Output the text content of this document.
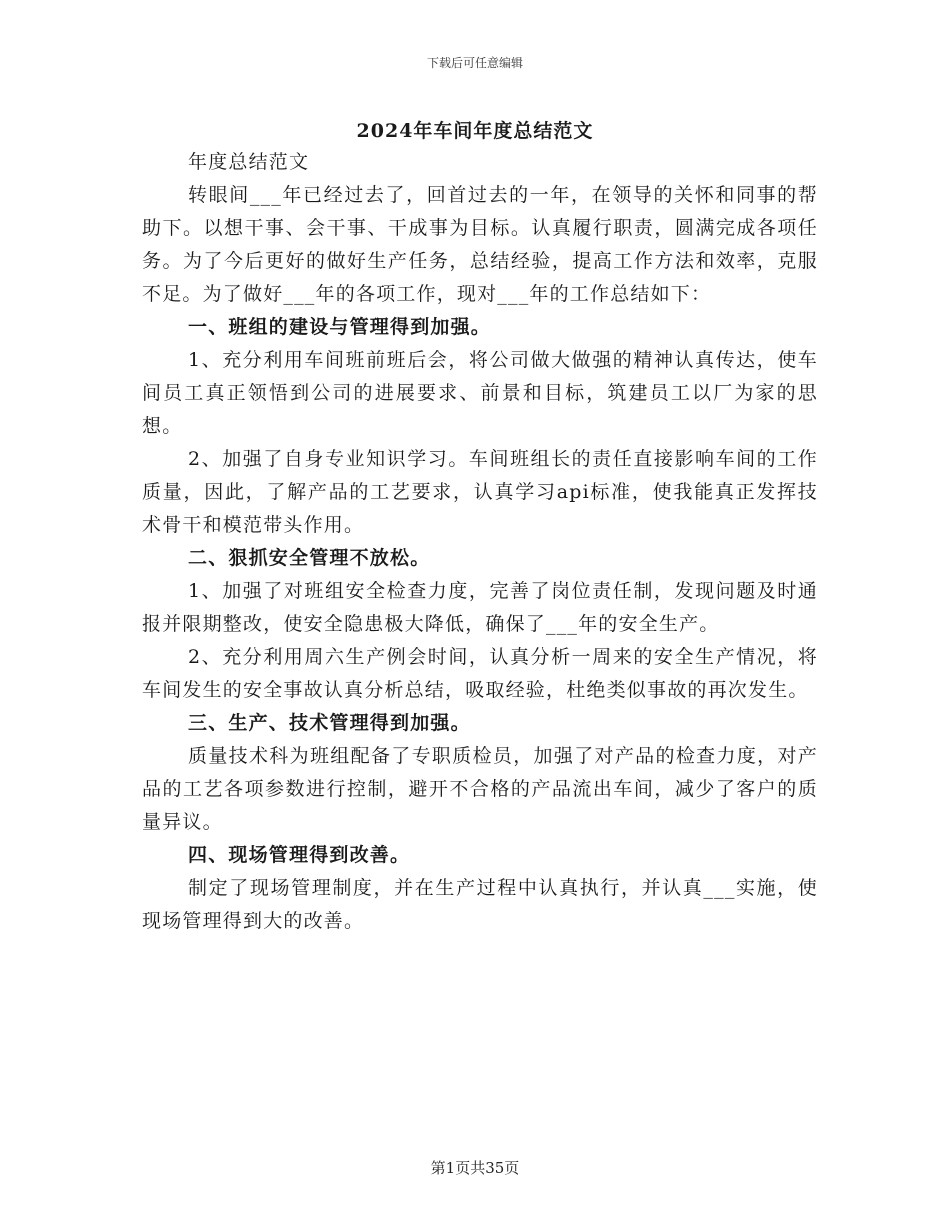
下载后可任意编辑
2024年车间年度总结范文

年度总结范文

转眼间___年已经过去了，回首过去的一年，在领导的关怀和同事的帮助下。以想干事、会干事、干成事为目标。认真履行职责，圆满完成各项任务。为了今后更好的做好生产任务，总结经验，提高工作方法和效率，克服不足。为了做好___年的各项工作，现对___年的工作总结如下：

一、班组的建设与管理得到加强。

1、充分利用车间班前班后会，将公司做大做强的精神认真传达，使车间员工真正领悟到公司的进展要求、前景和目标，筑建员工以厂为家的思想。

2、加强了自身专业知识学习。车间班组长的责任直接影响车间的工作质量，因此，了解产品的工艺要求，认真学习api标准，使我能真正发挥技术骨干和模范带头作用。

二、狠抓安全管理不放松。

1、加强了对班组安全检查力度，完善了岗位责任制，发现问题及时通报并限期整改，使安全隐患极大降低，确保了___年的安全生产。

2、充分利用周六生产例会时间，认真分析一周来的安全生产情况，将车间发生的安全事故认真分析总结，吸取经验，杜绝类似事故的再次发生。

三、生产、技术管理得到加强。

质量技术科为班组配备了专职质检员，加强了对产品的检查力度，对产品的工艺各项参数进行控制，避开不合格的产品流出车间，减少了客户的质量异议。

四、现场管理得到改善。

制定了现场管理制度，并在生产过程中认真执行，并认真___实施，使现场管理得到大的改善。

第1页共35页
